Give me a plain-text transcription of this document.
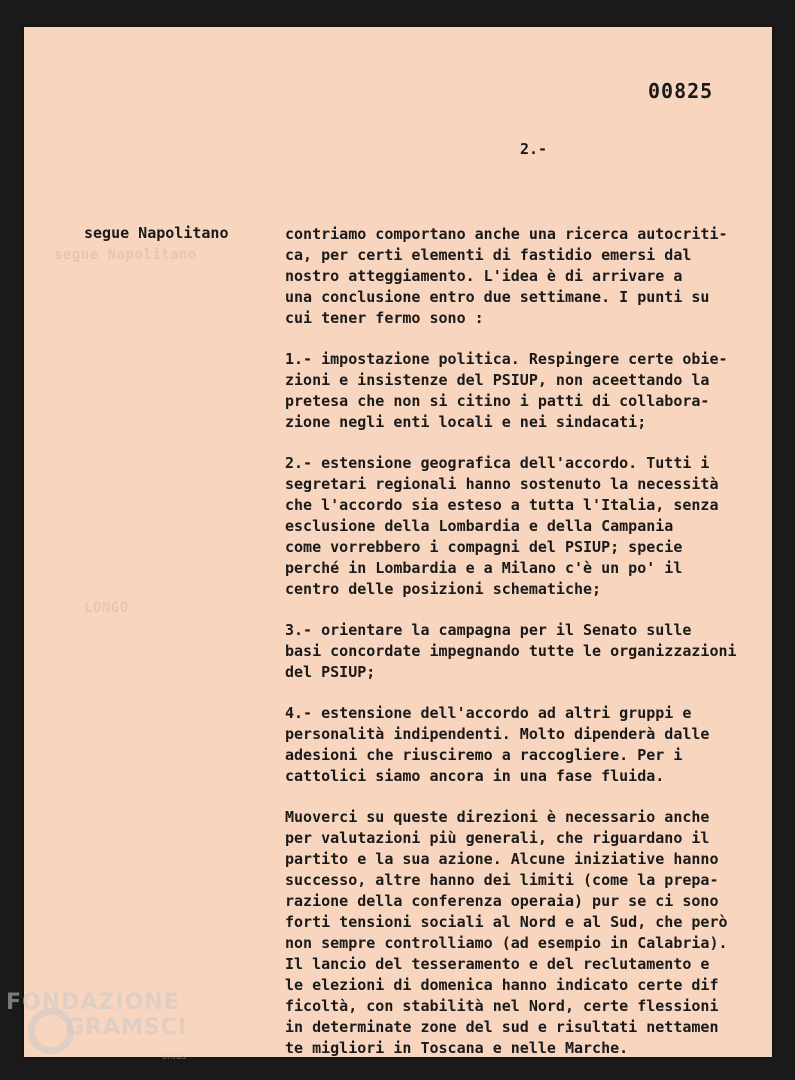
segue Napolitano
LONGO
00825
2.-
segue Napolitano	contriamo comportano anche una ricerca autocriti-
ca, per certi elementi di fastidio emersi dal
nostro atteggiamento. L'idea è di arrivare a
una conclusione entro due settimane. I punti su
cui tener fermo sono :

1.- impostazione politica. Respingere certe obie-
zioni e insistenze del PSIUP, non aceettando la
pretesa che non si citino i patti di collabora-
zione negli enti locali e nei sindacati;

2.- estensione geografica dell'accordo. Tutti i
segretari regionali hanno sostenuto la necessità
che l'accordo sia esteso a tutta l'Italia, senza
esclusione della Lombardia e della Campania
come vorrebbero i compagni del PSIUP; specie
perché in Lombardia e a Milano c'è un po' il
centro delle posizioni schematiche;

3.- orientare la campagna per il Senato sulle
basi concordate impegnando tutte le organizzazioni
del PSIUP;

4.- estensione dell'accordo ad altri gruppi e
personalità indipendenti. Molto dipenderà dalle
adesioni che riusciremo a raccogliere. Per i
cattolici siamo ancora in una fase fluida.

Muoverci su queste direzioni è necessario anche
per valutazioni più generali, che riguardano il
partito e la sua azione. Alcune iniziative hanno
successo, altre hanno dei limiti (come la prepa-
razione della conferenza operaia) pur se ci sono
forti tensioni sociali al Nord e al Sud, che però
non sempre controlliamo (ad esempio in Calabria).
Il lancio del tesseramento e del reclutamento e
le elezioni di domenica hanno indicato certe dif
ficoltà, con stabilità nel Nord, certe flessioni
in determinate zone del sud e risultati nettamen
te migliori in Toscana e nelle Marche.

FONDAZIONE
GRAMSCI
onlus
